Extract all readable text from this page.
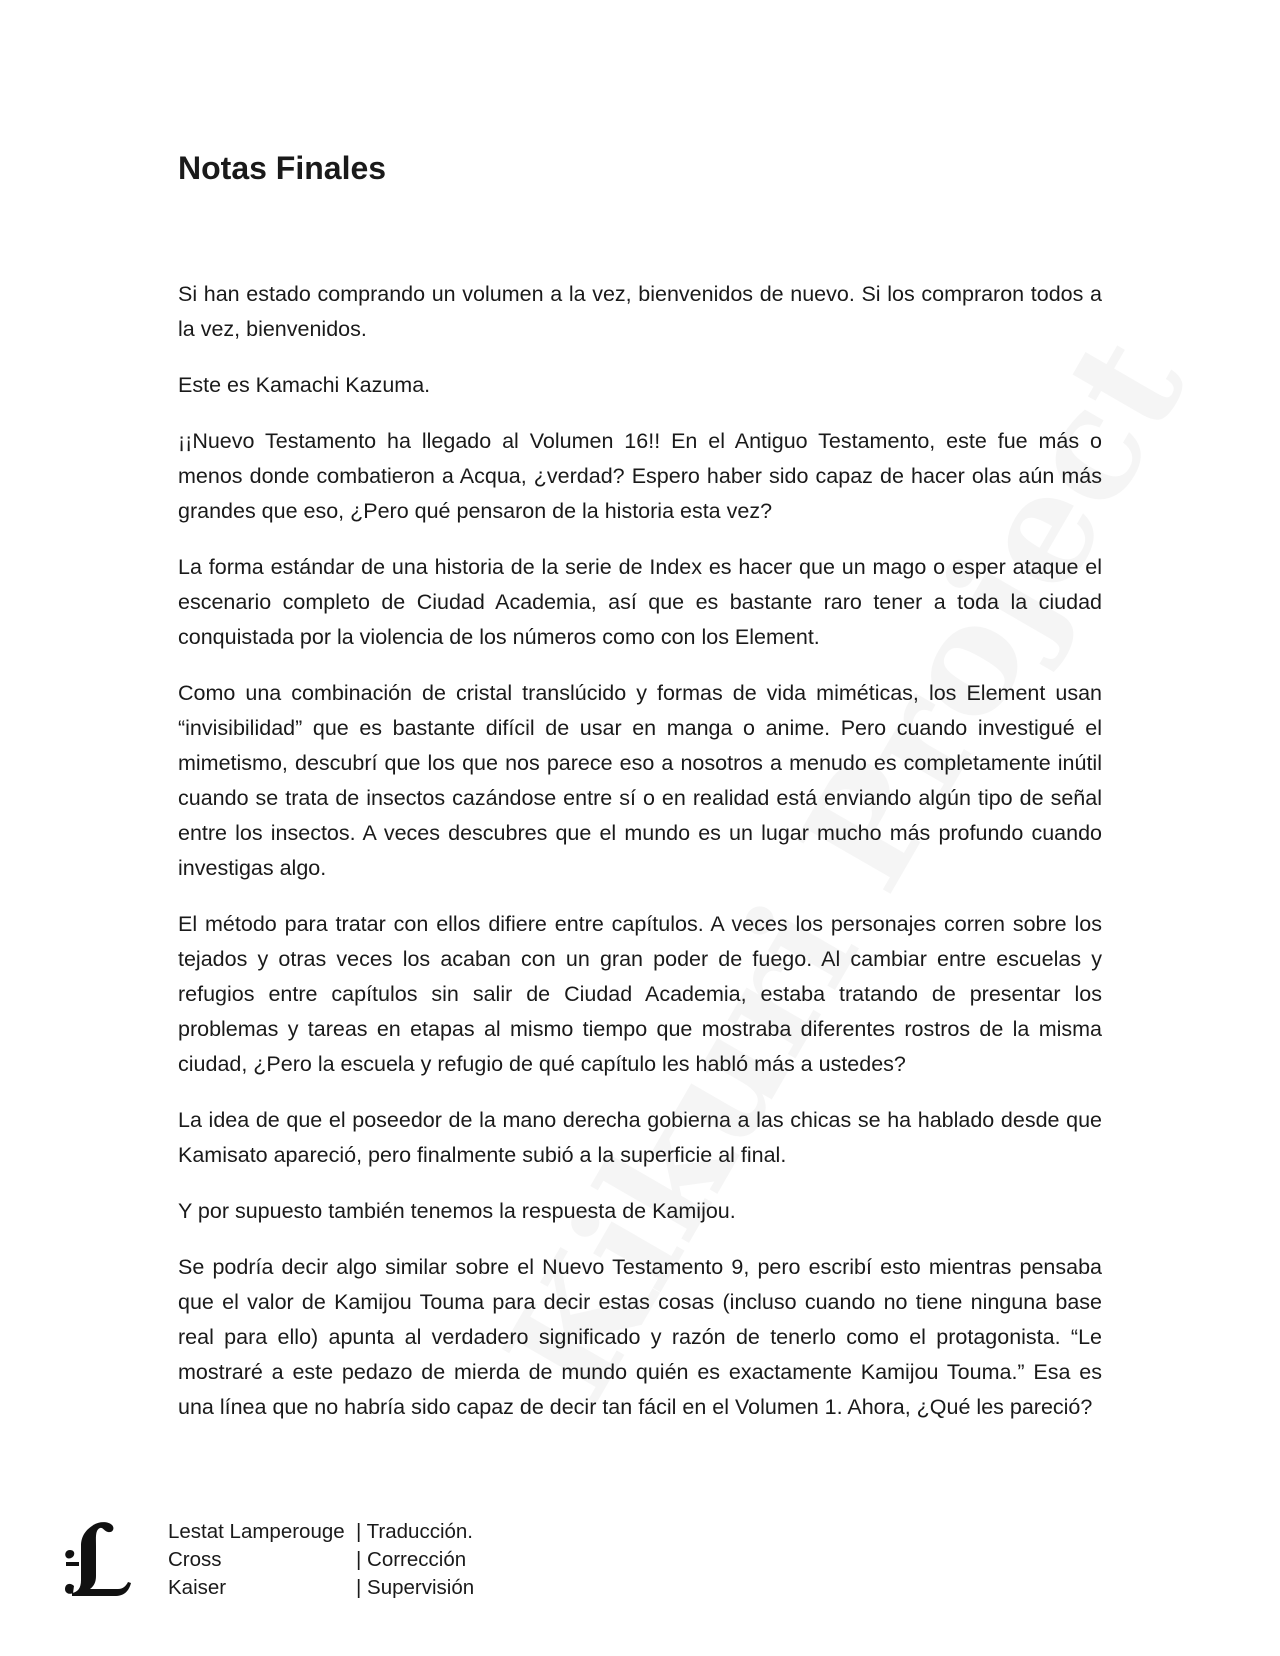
Notas Finales

Si han estado comprando un volumen a la vez, bienvenidos de nuevo. Si los compraron todos a la vez, bienvenidos.

Este es Kamachi Kazuma.

¡¡Nuevo Testamento ha llegado al Volumen 16!! En el Antiguo Testamento, este fue más o menos donde combatieron a Acqua, ¿verdad? Espero haber sido capaz de hacer olas aún más grandes que eso, ¿Pero qué pensaron de la historia esta vez?

La forma estándar de una historia de la serie de Index es hacer que un mago o esper ataque el escenario completo de Ciudad Academia, así que es bastante raro tener a toda la ciudad conquistada por la violencia de los números como con los Element.

Como una combinación de cristal translúcido y formas de vida miméticas, los Element usan “invisibilidad” que es bastante difícil de usar en manga o anime. Pero cuando investigué el mimetismo, descubrí que los que nos parece eso a nosotros a menudo es completamente inútil cuando se trata de insectos cazándose entre sí o en realidad está enviando algún tipo de señal entre los insectos. A veces descubres que el mundo es un lugar mucho más profundo cuando investigas algo.

El método para tratar con ellos difiere entre capítulos. A veces los personajes corren sobre los tejados y otras veces los acaban con un gran poder de fuego. Al cambiar entre escuelas y refugios entre capítulos sin salir de Ciudad Academia, estaba tratando de presentar los problemas y tareas en etapas al mismo tiempo que mostraba diferentes rostros de la misma ciudad, ¿Pero la escuela y refugio de qué capítulo les habló más a ustedes?

La idea de que el poseedor de la mano derecha gobierna a las chicas se ha hablado desde que Kamisato apareció, pero finalmente subió a la superficie al final.

Y por supuesto también tenemos la respuesta de Kamijou.

Se podría decir algo similar sobre el Nuevo Testamento 9, pero escribí esto mientras pensaba que el valor de Kamijou Touma para decir estas cosas (incluso cuando no tiene ninguna base real para ello) apunta al verdadero significado y razón de tenerlo como el protagonista. “Le mostraré a este pedazo de mierda de mundo quién es exactamente Kamijou Touma.” Esa es una línea que no habría sido capaz de decir tan fácil en el Volumen 1. Ahora, ¿Qué les pareció?

Lestat Lamperouge | Traducción.
Cross	| Corrección
Kaiser	| Supervisión
